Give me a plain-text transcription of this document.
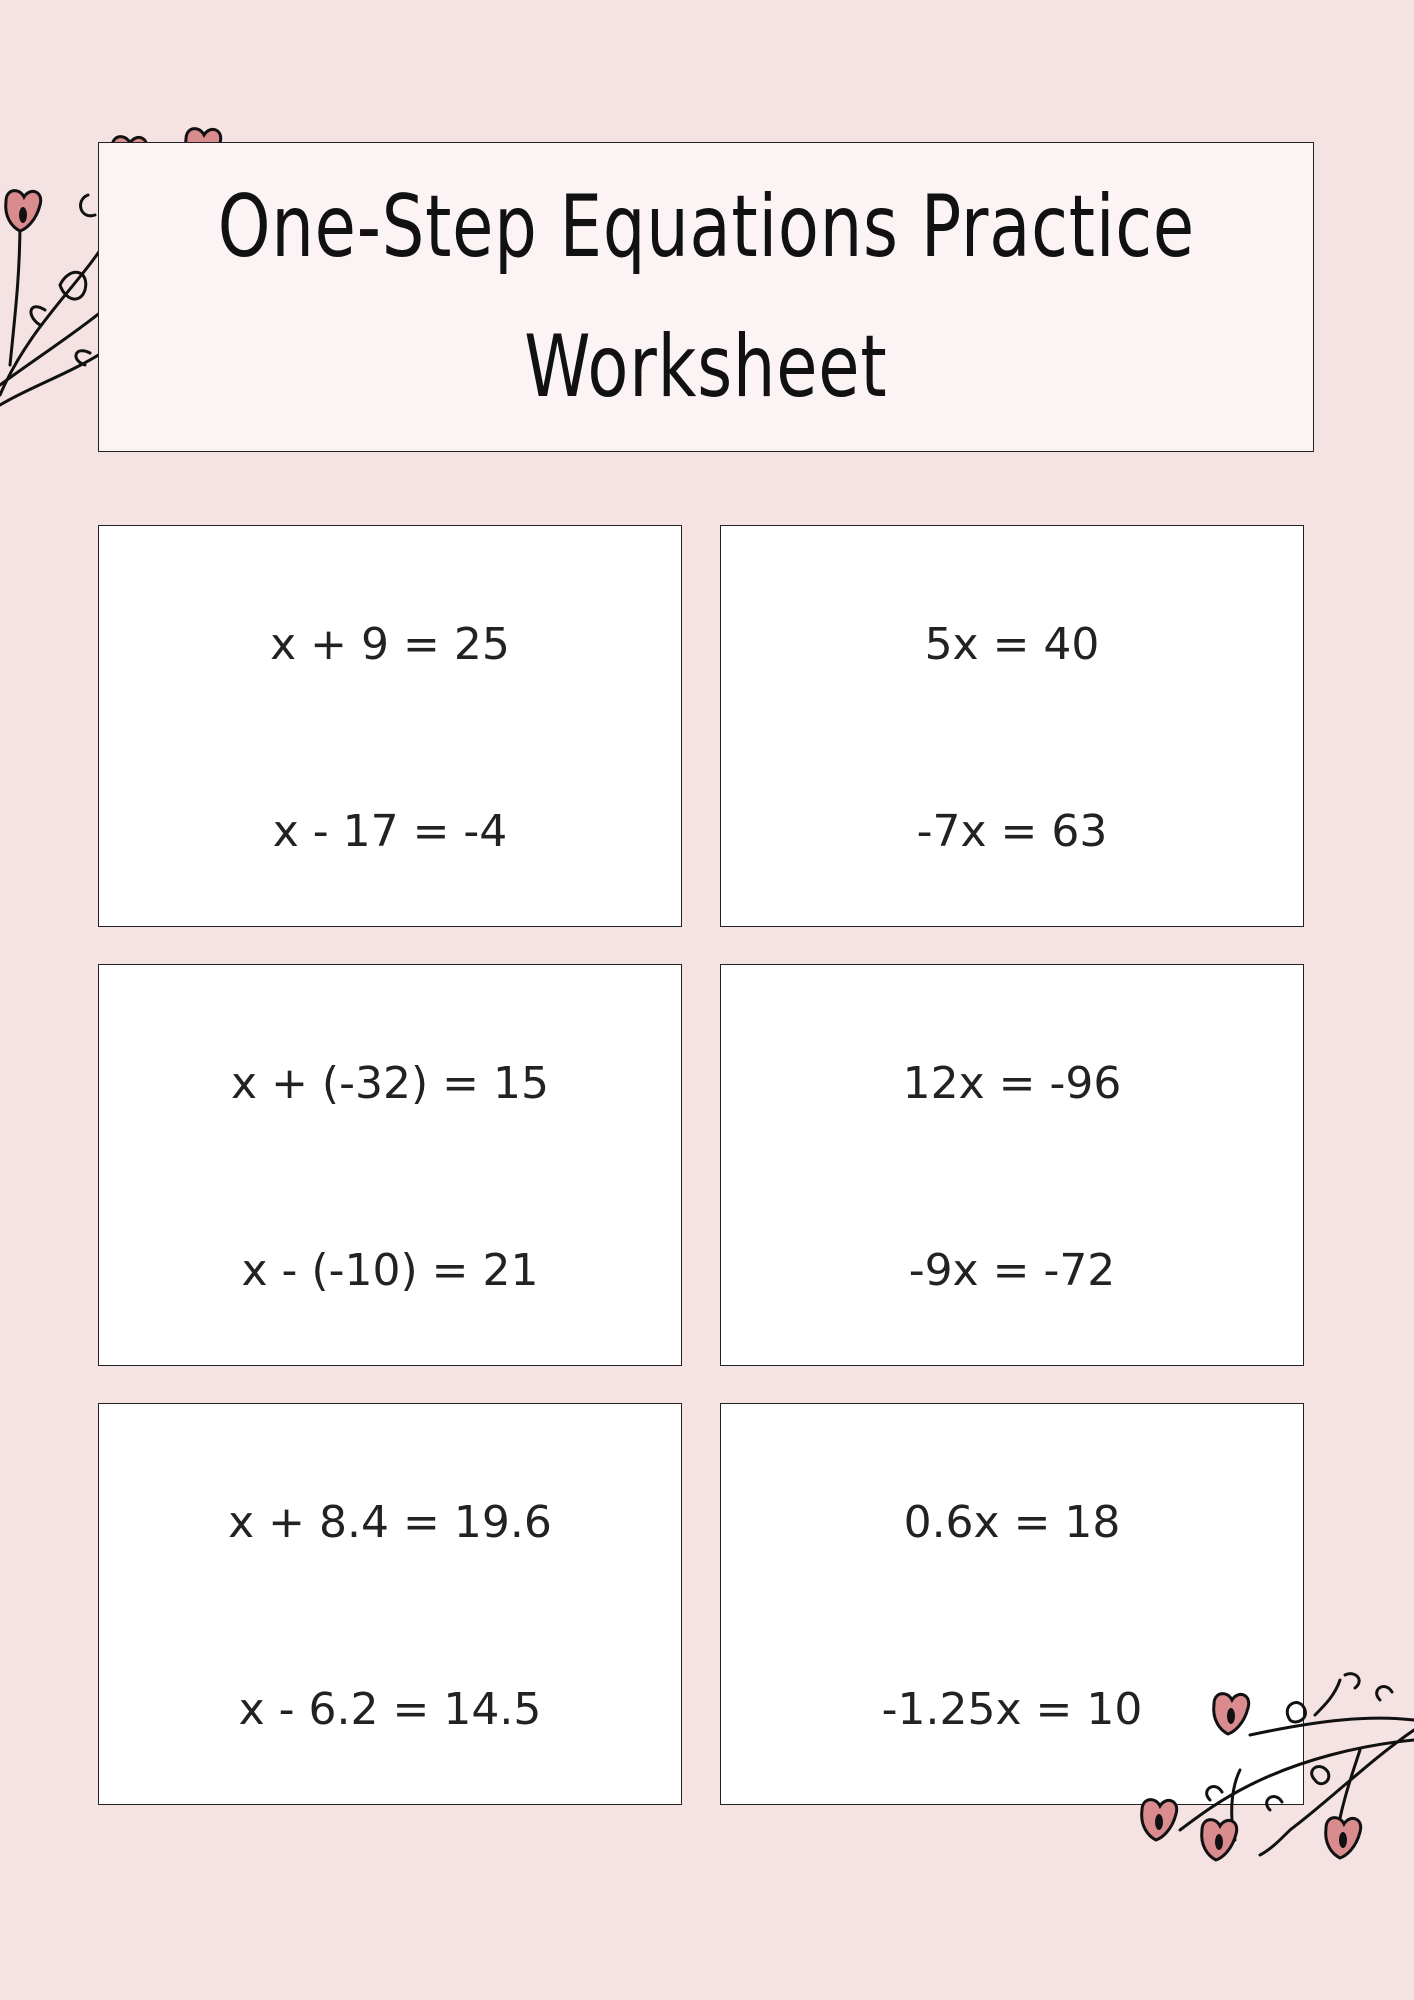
One-Step Equations Practice
Worksheet
x + 9 = 25
x - 17 = -4
5x = 40
-7x = 63
x + (-32) = 15
x - (-10) = 21
12x = -96
-9x = -72
x + 8.4 = 19.6
x - 6.2 = 14.5
0.6x = 18
-1.25x = 10
